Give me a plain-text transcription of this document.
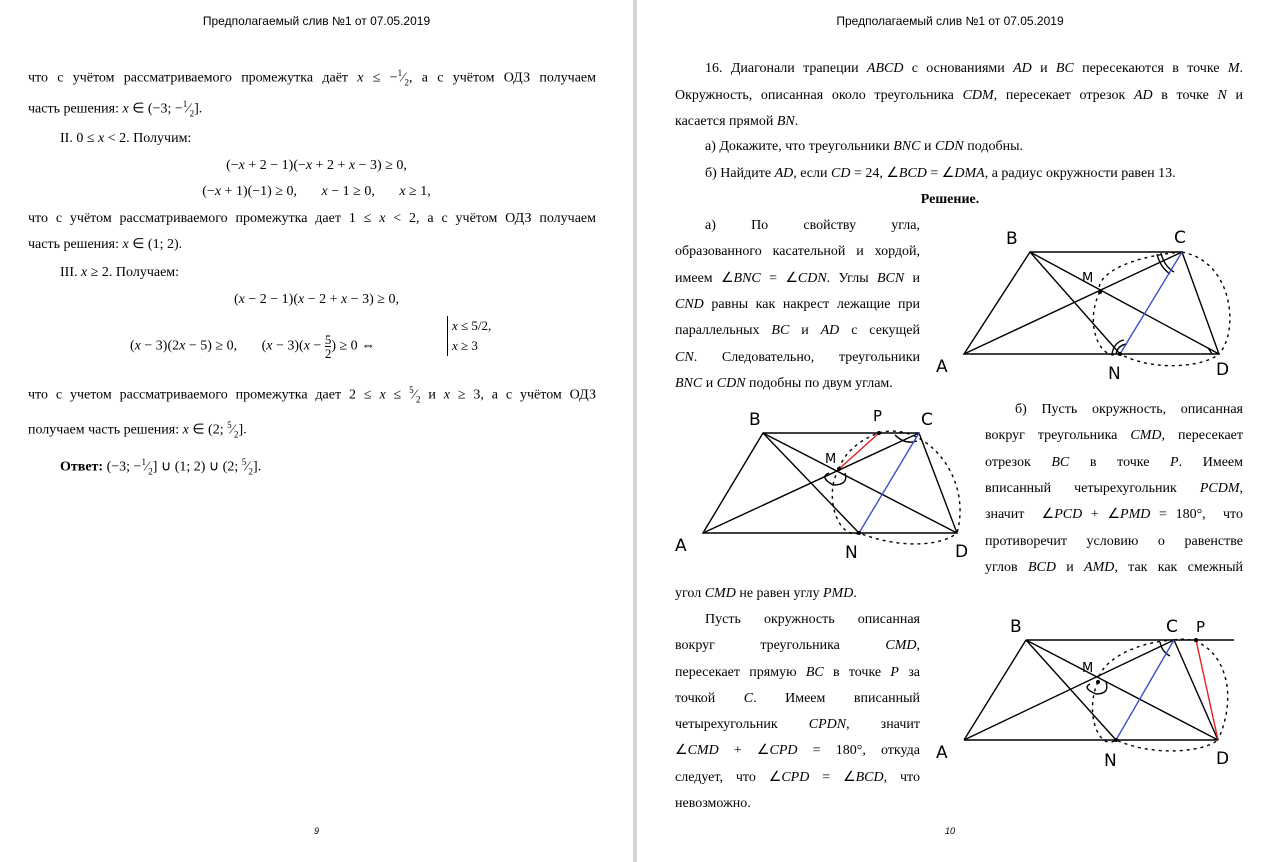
Предполагаемый слив №1 от 07.05.2019
что с учётом рассматриваемого промежутка даёт $x \le -^1⁄_2$, а с учётом ОДЗ получаем
часть решения: x ∈ (−3; $-^1⁄_2$].
II. 0 ≤ x < 2. Получим:
(−x + 2 − 1)(−x + 2 + x − 3) ≥ 0,
(−x + 1)(−1) ≥ 0,       x − 1 ≥ 0,       x ≥ 1,
что с учётом рассматриваемого промежутка дает 1 ≤ x < 2, а с учётом ОДЗ получаем
часть решения: x ∈ (1; 2).
III. x ≥ 2. Получаем:
(x − 2 − 1)(x − 2 + x − 3) ≥ 0,
(x − 3)(2x − 5) ≥ 0,       $(x - 3)(x - \frac{5}{2}$ ) ≥ 0 ⇔
x ≤ 5/2,
x ≥ 3
что с учетом рассматриваемого промежутка дает $2 \le x \le ^5⁄_2$ и x ≥ 3, а с учётом ОДЗ
получаем часть решения: x ∈ (2; $^5⁄_2$].
Ответ: (−3; $-^1⁄_2$] ∪ (1; 2) ∪ (2; $^5⁄_2$].
9
Предполагаемый слив №1 от 07.05.2019
16. Диагонали трапеции ABCD с основаниями AD и BC пересекаются в точке M.
Окружность, описанная около треугольника CDM, пересекает отрезок AD в точке N и
касается прямой BN.
а) Докажите, что треугольники BNC и CDN подобны.
б) Найдите AD, если CD = 24, ∠BCD = ∠DMA, а радиус окружности равен 13.
Решение.
а) По свойству угла,
образованного касательной и хордой,
имеем ∠BNC = ∠CDN. Углы BCN и
CND равны как накрест лежащие при
параллельных BC и AD с секущей
CN. Следовательно, треугольники
BNC и CDN подобны по двум углам.
б) Пусть окружность, описанная
вокруг треугольника CMD, пересекает
отрезок BC в точке P. Имеем
вписанный четырехугольник PCDM,
значит  ∠PCD + ∠PMD = 180°,  что
противоречит условию о равенстве
углов BCD и AMD, так как смежный
угол CMD не равен углу PMD.
Пусть окружность описанная
вокруг треугольника CMD,
пересекает прямую BC в точке P за
точкой C. Имеем вписанный
четырехугольник CPDN, значит
∠CMD + ∠CPD = 180°, откуда
следует, что ∠CPD = ∠BCD, что
невозможно.
B	C
M
A	N	D
B	P C
M
A	N	D
B	C P
M
A	N	D
10
